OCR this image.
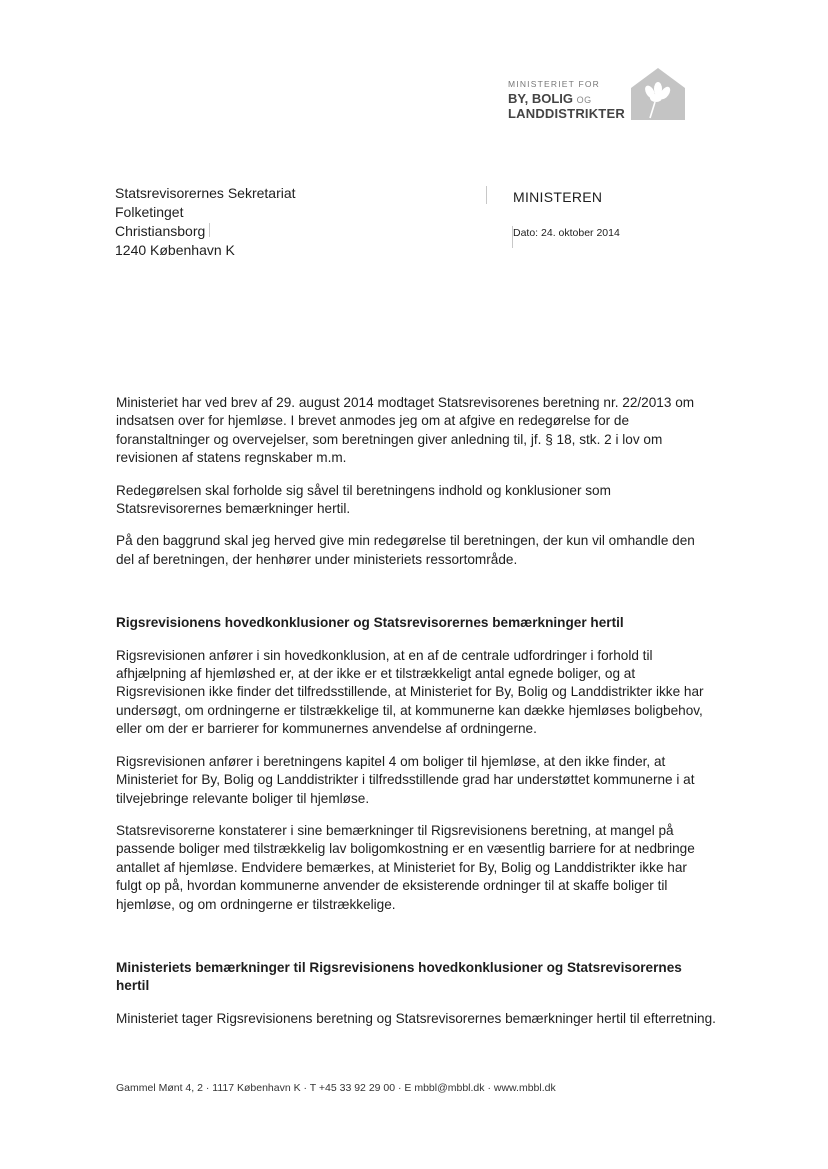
MINISTERIET FOR
BY, BOLIG OG
LANDDISTRIKTER
Statsrevisorernes Sekretariat
Folketinget
Christiansborg
1240 København K
MINISTEREN
Dato: 24. oktober 2014

Ministeriet har ved brev af 29. august 2014 modtaget Statsrevisorenes beretning nr. 22/2013 om indsatsen over for hjemløse. I brevet anmodes jeg om at afgive en redegørelse for de foranstaltninger og overvejelser, som beretningen giver anledning til, jf. § 18, stk. 2 i lov om revisionen af statens regnskaber m.m.

Redegørelsen skal forholde sig såvel til beretningens indhold og konklusioner som Statsrevisorernes bemærkninger hertil.

På den baggrund skal jeg herved give min redegørelse til beretningen, der kun vil omhandle den del af beretningen, der henhører under ministeriets ressortområde.

Rigsrevisionens hovedkonklusioner og Statsrevisorernes bemærkninger hertil

Rigsrevisionen anfører i sin hovedkonklusion, at en af de centrale udfordringer i forhold til afhjælpning af hjemløshed er, at der ikke er et tilstrækkeligt antal egnede boliger, og at Rigsrevisionen ikke finder det tilfredsstillende, at Ministeriet for By, Bolig og Landdistrikter ikke har undersøgt, om ordningerne er tilstrækkelige til, at kommunerne kan dække hjemløses boligbehov, eller om der er barrierer for kommunernes anvendelse af ordningerne.

Rigsrevisionen anfører i beretningens kapitel 4 om boliger til hjemløse, at den ikke finder, at Ministeriet for By, Bolig og Landdistrikter i tilfredsstillende grad har understøttet kommunerne i at tilvejebringe relevante boliger til hjemløse.

Statsrevisorerne konstaterer i sine bemærkninger til Rigsrevisionens beretning, at mangel på passende boliger med tilstrækkelig lav boligomkostning er en væsentlig barriere for at nedbringe antallet af hjemløse. Endvidere bemærkes, at Ministeriet for By, Bolig og Landdistrikter ikke har fulgt op på, hvordan kommunerne anvender de eksisterende ordninger til at skaffe boliger til hjemløse, og om ordningerne er tilstrækkelige.

Ministeriets bemærkninger til Rigsrevisionens hovedkonklusioner og Statsrevisorernes hertil

Ministeriet tager Rigsrevisionens beretning og Statsrevisorernes bemærkninger hertil til efterretning.

Gammel Mønt 4, 2 · 1117 København K · T +45 33 92 29 00 · E mbbl@mbbl.dk · www.mbbl.dk
